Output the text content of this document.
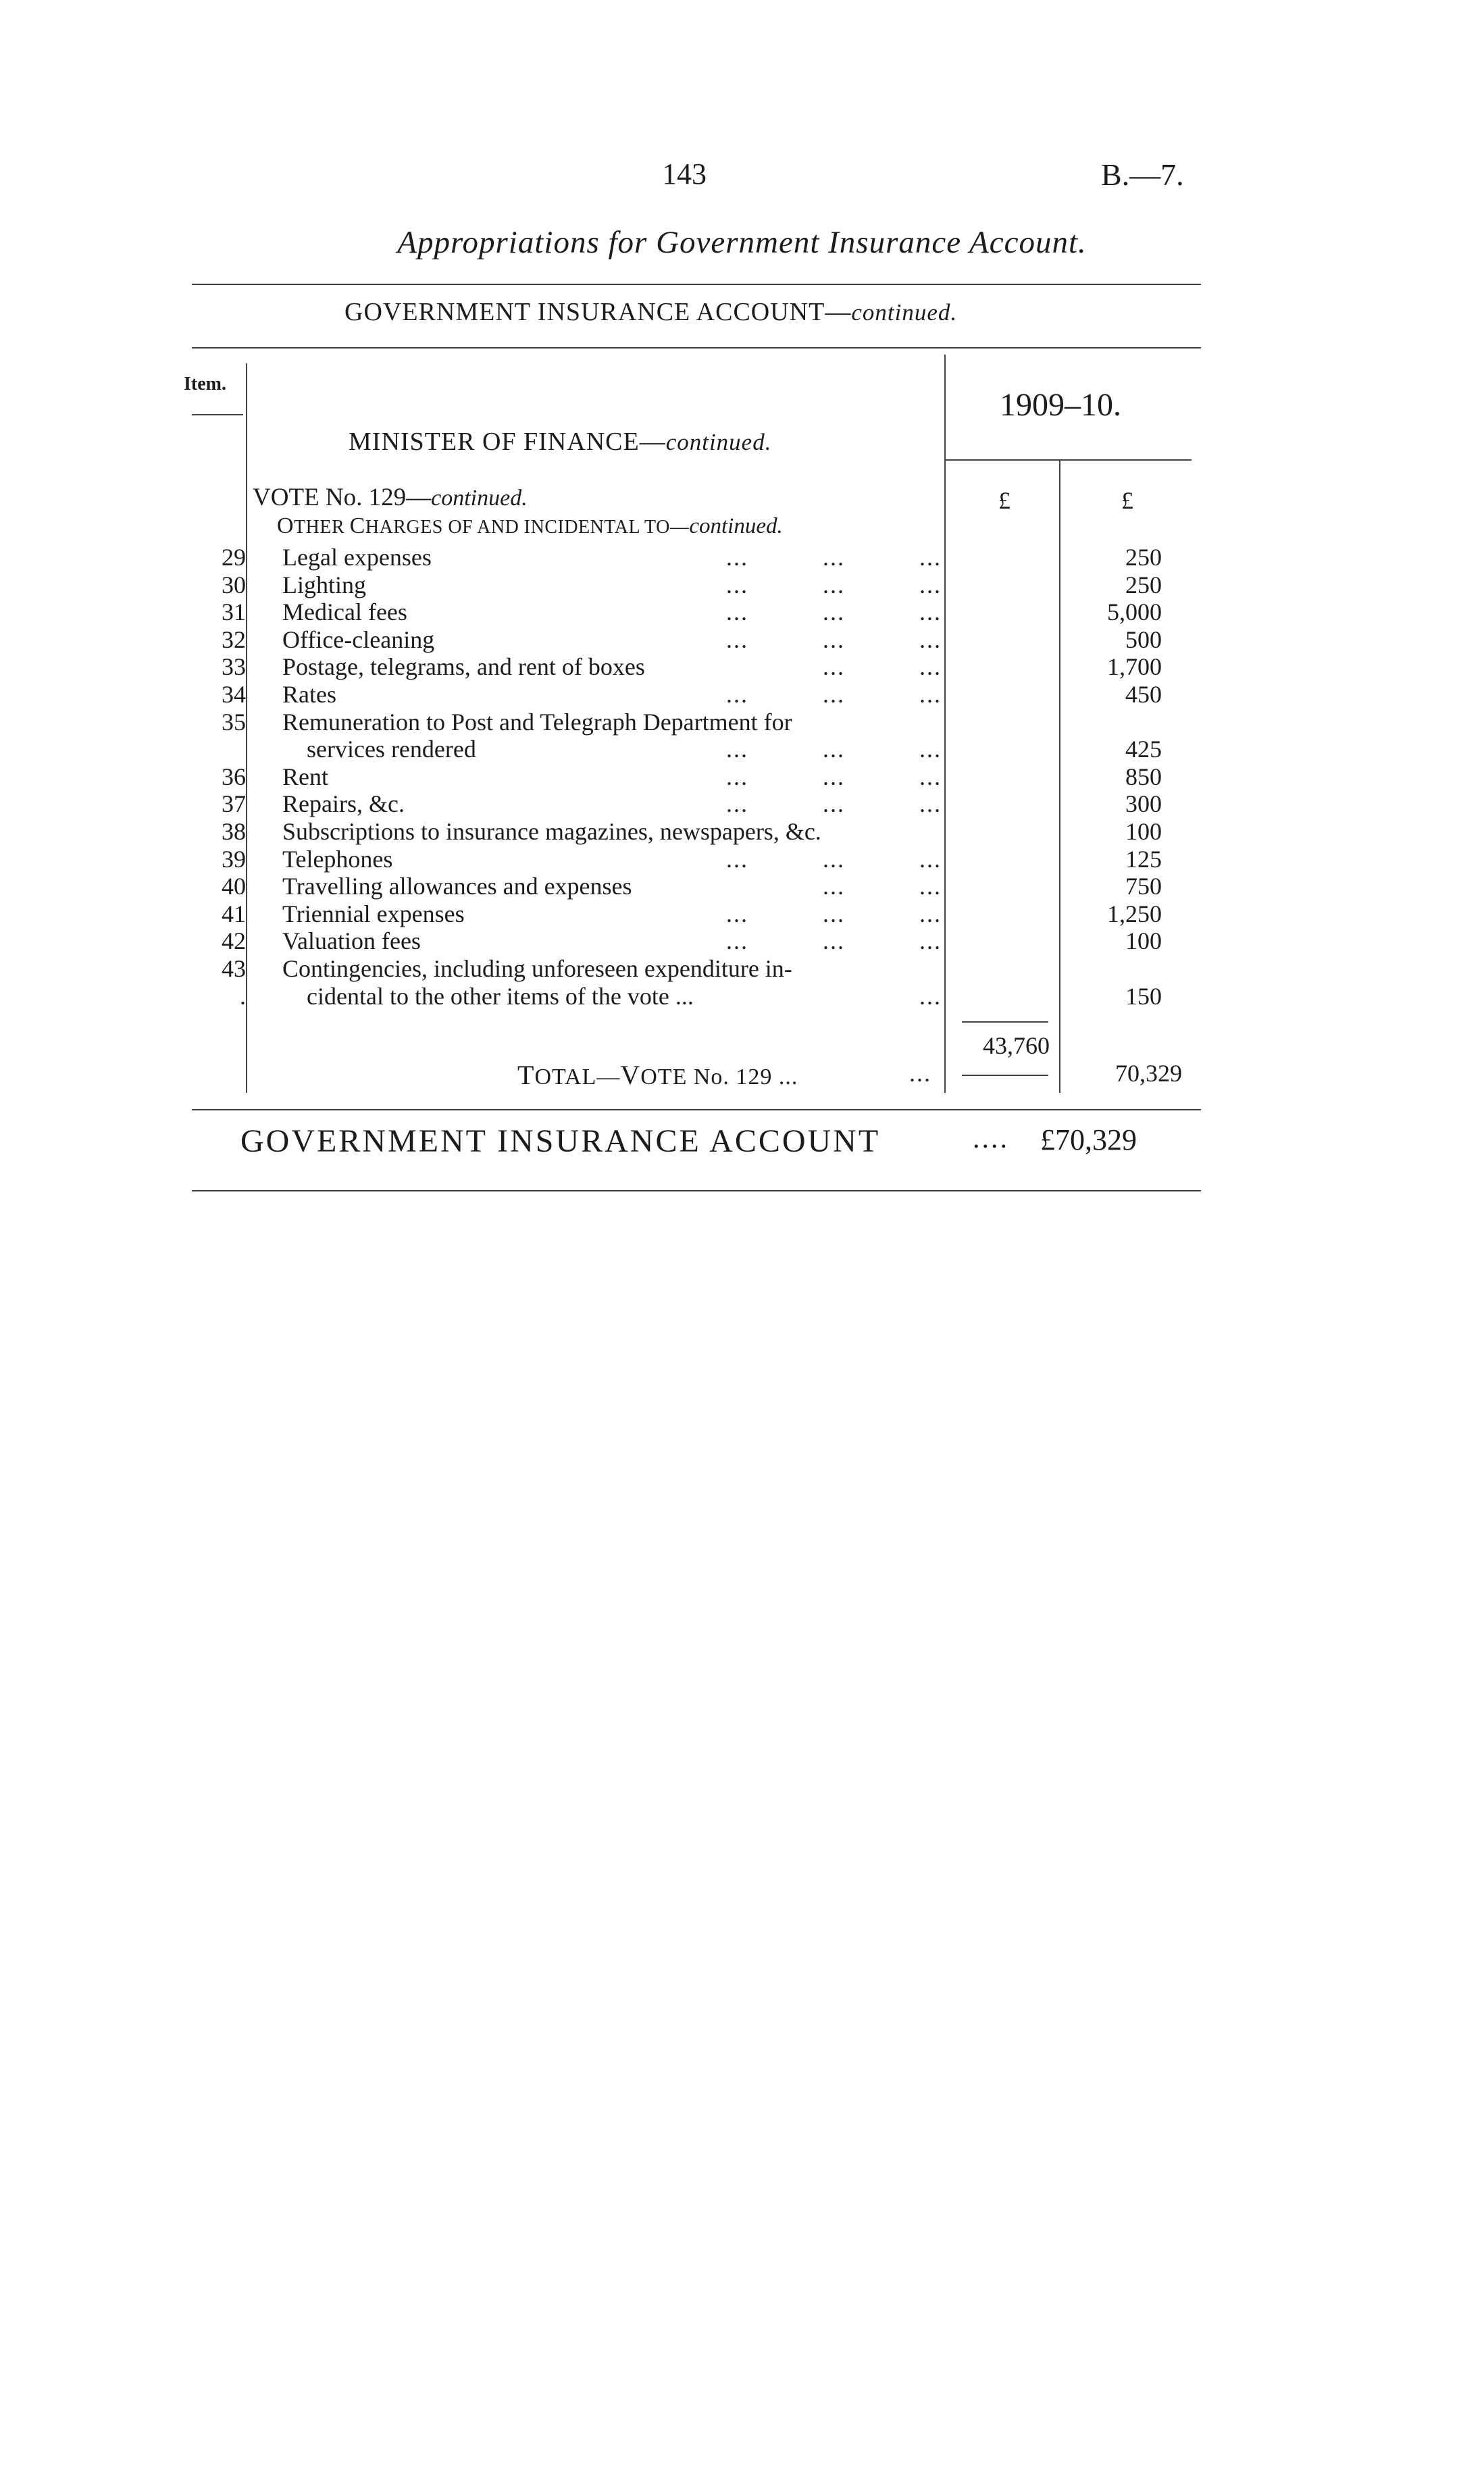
143	B.—7.
Appropriations for Government Insurance Account.
GOVERNMENT INSURANCE ACCOUNT—continued.
Item.
1909–10.
MINISTER OF FINANCE—continued.
VOTE No. 129—continued.
OTHER CHARGES OF AND INCIDENTAL TO—continued.
£	£
29 Legal expenses	...          ...          ...	250
30 Lighting	...          ...          ...	250
31 Medical fees	...          ...          ...	5,000
32 Office-cleaning	...          ...          ...	500
33 Postage, telegrams, and rent of boxes	...          ...	1,700
34 Rates	...          ...          ...	450
35 Remuneration to Post and Telegraph Department for
services rendered	...          ...          ...	425
36 Rent	...          ...          ...	850
37 Repairs, &c.	...          ...          ...	300
38 Subscriptions to insurance magazines, newspapers, &c.	100
39 Telephones	...          ...          ...	125
40 Travelling allowances and expenses	...          ...	750
41 Triennial expenses	...          ...          ...	1,250
42 Valuation fees	...          ...          ...	100
43 Contingencies, including unforeseen expenditure in-
. cidental to the other items of the vote ...	...	150
43,760
TOTAL—VOTE No. 129 ...	...	70,329
GOVERNMENT INSURANCE ACCOUNT	.... £70,329
